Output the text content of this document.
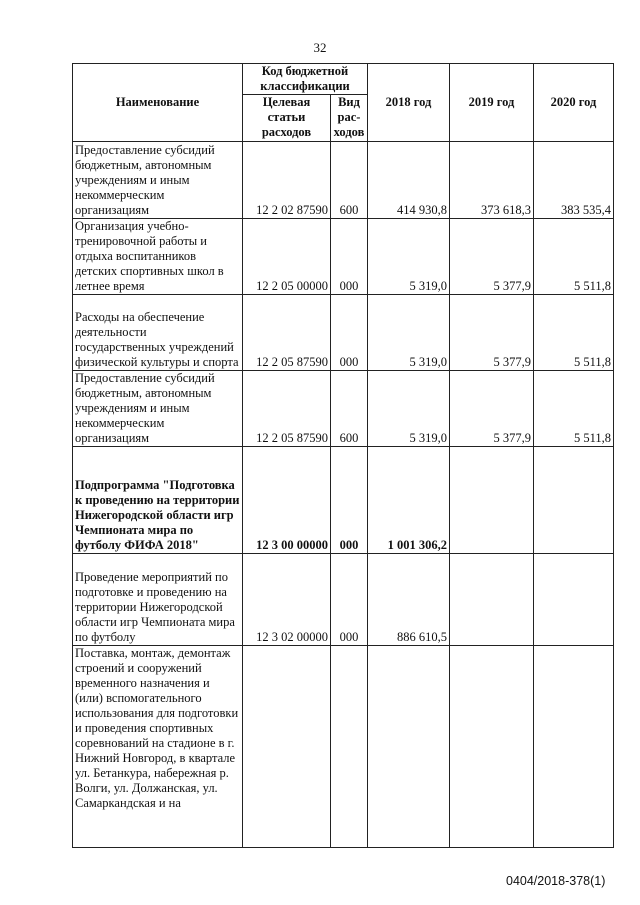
32
Наименование	Код бюджетной классификации		2018 год	2019 год	2020 год
	Целевая статьи расходов	Вид рас-ходов			
Предоставление субсидий бюджетным, автономным учреждениям и иным некоммерческим организациям	12 2 02 87590	600	414 930,8	373 618,3	383 535,4
Организация учебно-тренировочной работы и отдыха воспитанников детских спортивных школ в летнее время	12 2 05 00000	000	5 319,0	5 377,9	5 511,8
Расходы на обеспечение деятельности государственных учреждений физической культуры и спорта	12 2 05 87590	000	5 319,0	5 377,9	5 511,8
Предоставление субсидий бюджетным, автономным учреждениям и иным некоммерческим организациям	12 2 05 87590	600	5 319,0	5 377,9	5 511,8
Подпрограмма "Подготовка к проведению на территории Нижегородской области игр Чемпионата мира по футболу ФИФА 2018"	12 3 00 00000	000	1 001 306,2		
Проведение мероприятий по подготовке и проведению на территории Нижегородской области игр Чемпионата мира по футболу	12 3 02 00000	000	886 610,5		
Поставка, монтаж, демонтаж строений и сооружений временного назначения и (или) вспомогательного использования для подготовки и проведения спортивных соревнований на стадионе в г. Нижний Новгород, в квартале ул. Бетанкура, набережная р. Волги, ул. Должанская, ул. Самаркандская и на					
0404/2018-378(1)
